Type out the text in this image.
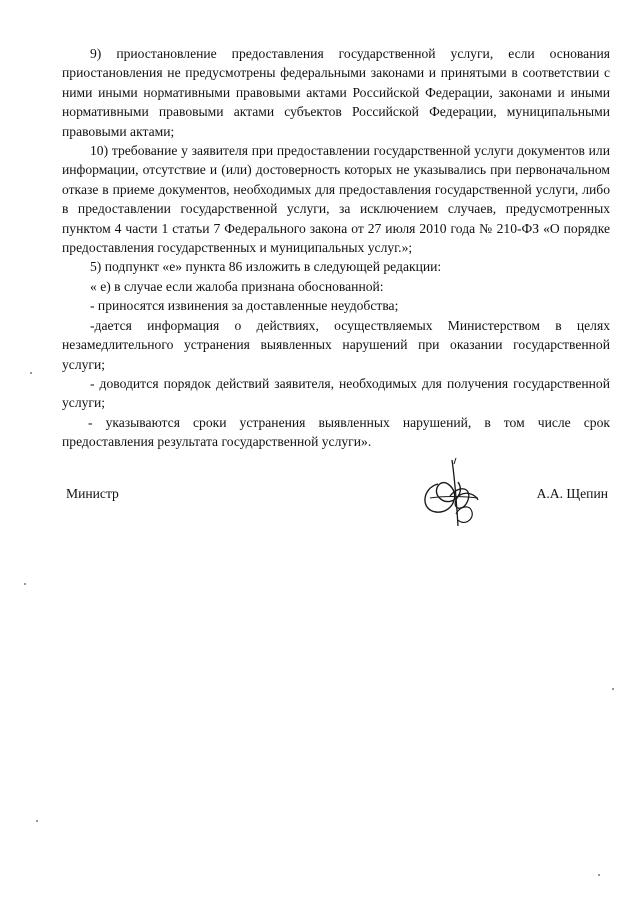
9) приостановление предоставления государственной услуги, если основания приостановления не предусмотрены федеральными законами и принятыми в соответствии с ними иными нормативными правовыми актами Российской Федерации, законами и иными нормативными правовыми актами субъектов Российской Федерации, муниципальными правовыми актами;

10) требование у заявителя при предоставлении государственной услуги документов или информации, отсутствие и (или) достоверность которых не указывались при первоначальном отказе в приеме документов, необходимых для предоставления государственной услуги, либо в предоставлении государственной услуги, за исключением случаев, предусмотренных пунктом 4 части 1 статьи 7 Федерального закона от 27 июля 2010 года № 210-ФЗ «О порядке предоставления государственных и муниципальных услуг.»;

5) подпункт «е» пункта 86 изложить в следующей редакции:

« е) в случае если жалоба признана обоснованной:

- приносятся извинения за доставленные неудобства;

-дается информация о действиях, осуществляемых Министерством в целях незамедлительного устранения выявленных нарушений при оказании государственной услуги;

- доводится порядок действий заявителя, необходимых для получения государственной услуги;

- указываются сроки устранения выявленных нарушений, в том числе срок предоставления результата государственной услуги».

Министр	А.А. Щепин
